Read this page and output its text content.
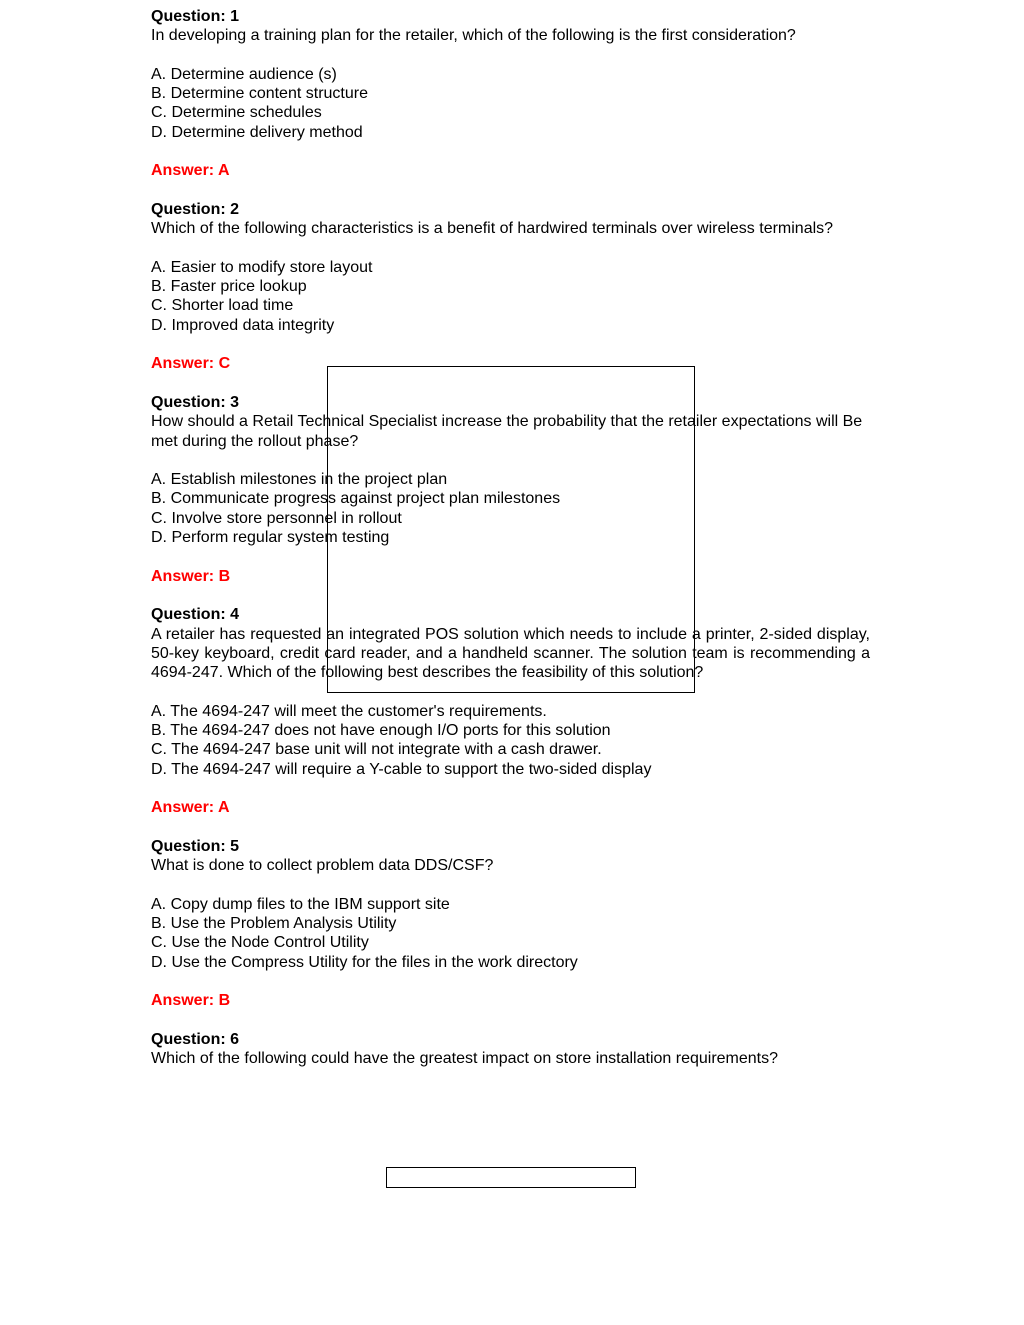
Question: 1
In developing a training plan for the retailer, which of the following is the first consideration?
A. Determine audience (s)
B. Determine content structure
C. Determine schedules
D. Determine delivery method
Answer: A
Question: 2
Which of the following characteristics is a benefit of hardwired terminals over wireless terminals?
A. Easier to modify store layout
B. Faster price lookup
C. Shorter load time
D. Improved data integrity
Answer: C
Question: 3
How should a Retail Technical Specialist increase the probability that the retailer expectations will Be met during the rollout phase?
A. Establish milestones in the project plan
B. Communicate progress against project plan milestones
C. Involve store personnel in rollout
D. Perform regular system testing
Answer: B
Question: 4
A retailer has requested an integrated POS solution which needs to include a printer, 2-sided display, 50-key keyboard, credit card reader, and a handheld scanner. The solution team is recommending a 4694-247. Which of the following best describes the feasibility of this solution?
A. The 4694-247 will meet the customer's requirements.
B. The 4694-247 does not have enough I/O ports for this solution
C. The 4694-247 base unit will not integrate with a cash drawer.
D. The 4694-247 will require a Y-cable to support the two-sided display
Answer: A
Question: 5
What is done to collect problem data DDS/CSF?
A. Copy dump files to the IBM support site
B. Use the Problem Analysis Utility
C. Use the Node Control Utility
D. Use the Compress Utility for the files in the work directory
Answer: B
Question: 6
Which of the following could have the greatest impact on store installation requirements?
